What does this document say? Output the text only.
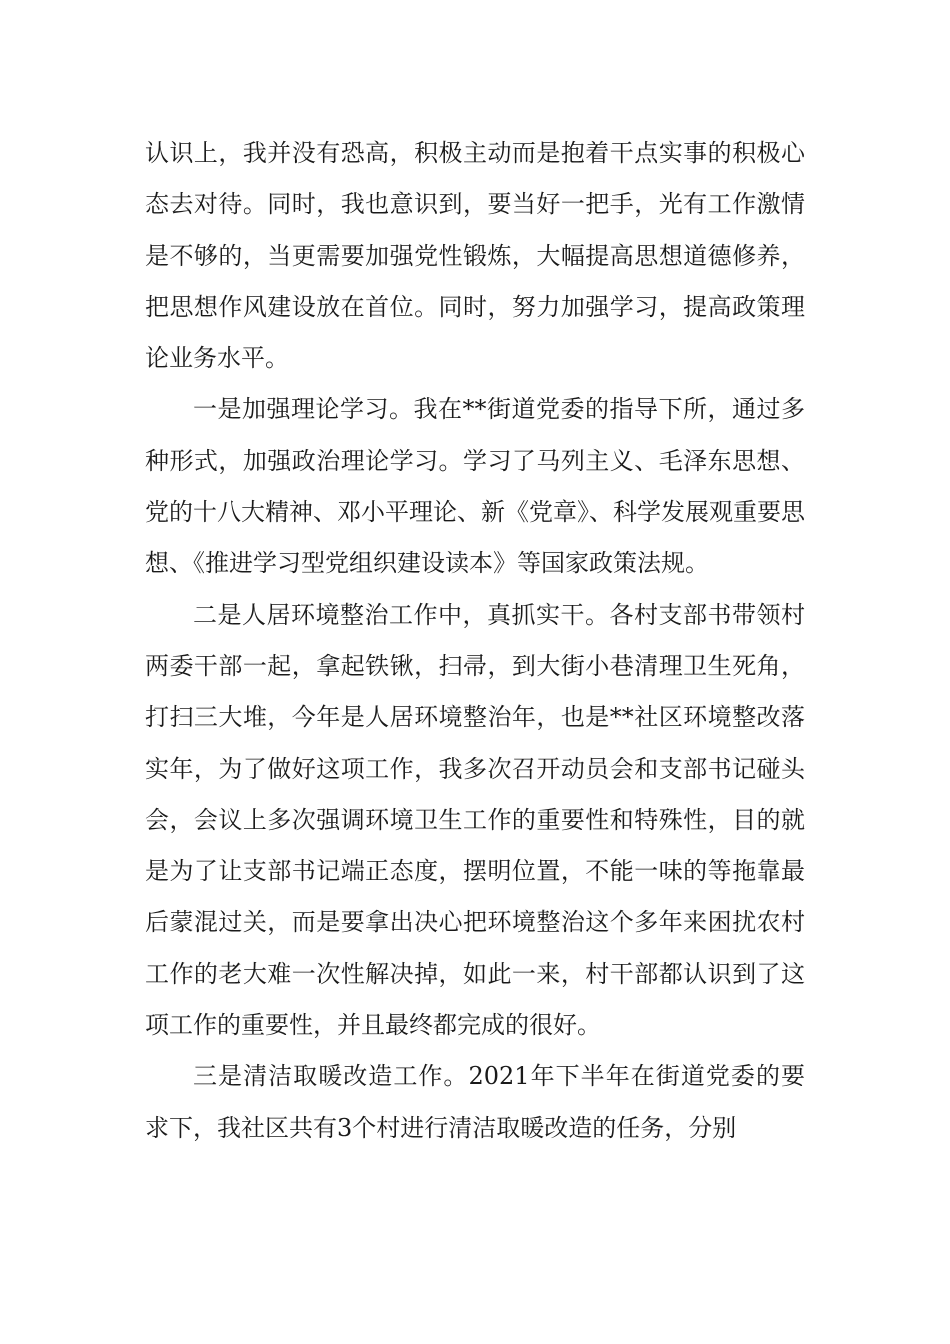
认识上，我并没有恐高，积极主动而是抱着干点实事的积极心态去对待。同时，我也意识到，要当好一把手，光有工作激情是不够的，当更需要加强党性锻炼，大幅提高思想道德修养，把思想作风建设放在首位。同时，努力加强学习，提高政策理论业务水平。

一是加强理论学习。我在**街道党委的指导下所，通过多种形式，加强政治理论学习。学习了马列主义、毛泽东思想、党的十八大精神、邓小平理论、新《党章》、科学发展观重要思想、《推进学习型党组织建设读本》等国家政策法规。

二是人居环境整治工作中，真抓实干。各村支部书带领村两委干部一起，拿起铁锹，扫帚，到大街小巷清理卫生死角，打扫三大堆，今年是人居环境整治年，也是**社区环境整改落实年，为了做好这项工作，我多次召开动员会和支部书记碰头会，会议上多次强调环境卫生工作的重要性和特殊性，目的就是为了让支部书记端正态度，摆明位置，不能一味的等拖靠最后蒙混过关，而是要拿出决心把环境整治这个多年来困扰农村工作的老大难一次性解决掉，如此一来，村干部都认识到了这项工作的重要性，并且最终都完成的很好。

三是清洁取暖改造工作。2021年下半年在街道党委的要求下，我社区共有3个村进行清洁取暖改造的任务，分别
